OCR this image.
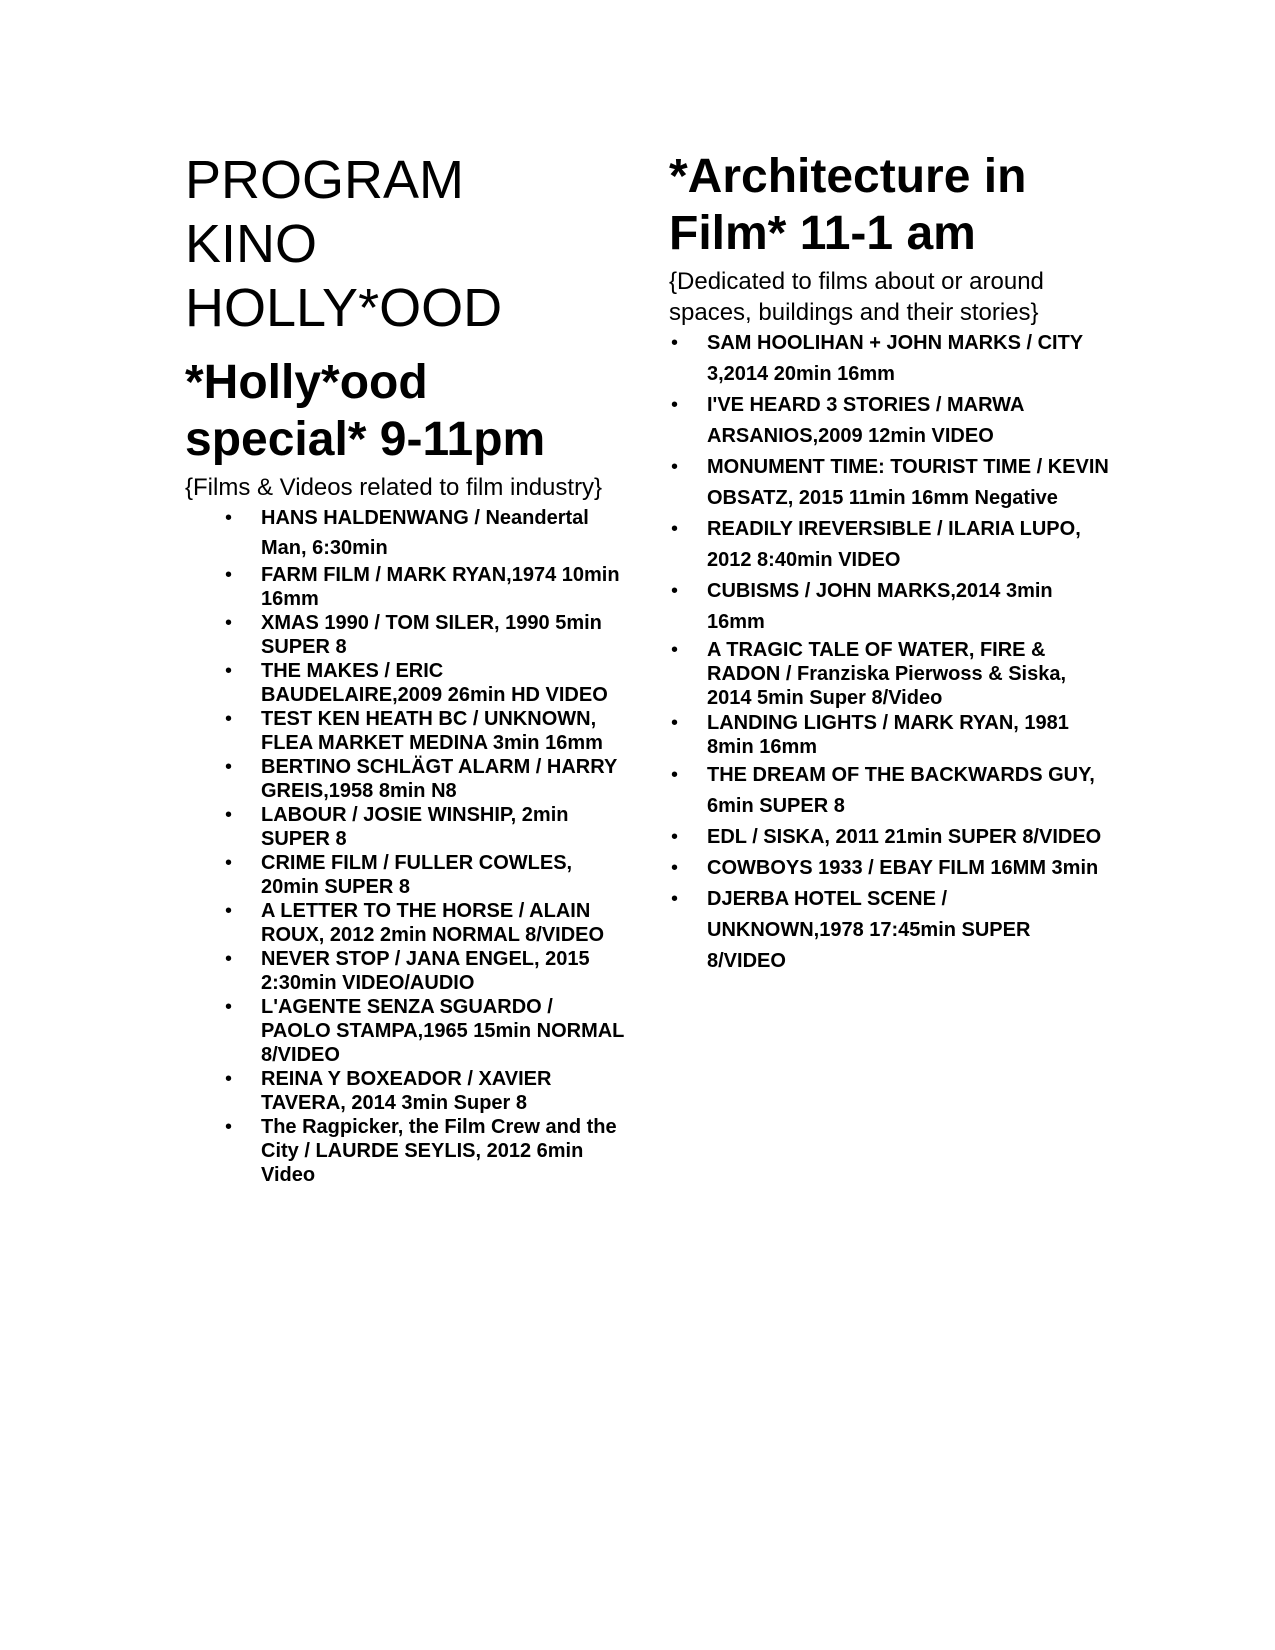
PROGRAM
KINO
HOLLY*OOD
*Holly*ood
special* 9-11pm

{Films & Videos related to film industry}

• HANS HALDENWANG / Neandertal Man, 6:30min
• FARM FILM / MARK RYAN,1974 10min 16mm
• XMAS 1990 / TOM SILER, 1990 5min SUPER 8
• THE MAKES / ERIC BAUDELAIRE,2009 26min HD VIDEO
• TEST KEN HEATH BC / UNKNOWN, FLEA MARKET MEDINA 3min 16mm
• BERTINO SCHLÄGT ALARM / HARRY GREIS,1958 8min N8
• LABOUR / JOSIE WINSHIP, 2min SUPER 8
• CRIME FILM / FULLER COWLES, 20min SUPER 8
• A LETTER TO THE HORSE / ALAIN ROUX, 2012 2min NORMAL 8/VIDEO
• NEVER STOP / JANA ENGEL, 2015 2:30min VIDEO/AUDIO
• L'AGENTE SENZA SGUARDO / PAOLO STAMPA,1965 15min NORMAL 8/VIDEO
• REINA Y BOXEADOR / XAVIER TAVERA, 2014 3min Super 8
• The Ragpicker, the Film Crew and the City / LAURDE SEYLIS, 2012 6min Video
*Architecture in
Film* 11-1 am

{Dedicated to films about or around spaces, buildings and their stories}

• SAM HOOLIHAN + JOHN MARKS / CITY 3,2014 20min 16mm
• I'VE HEARD 3 STORIES / MARWA ARSANIOS,2009 12min VIDEO
• MONUMENT TIME: TOURIST TIME / KEVIN OBSATZ, 2015 11min 16mm Negative
• READILY IREVERSIBLE / ILARIA LUPO, 2012 8:40min VIDEO
• CUBISMS / JOHN MARKS,2014 3min 16mm
• A TRAGIC TALE OF WATER, FIRE & RADON / Franziska Pierwoss & Siska, 2014 5min Super 8/Video
• LANDING LIGHTS / MARK RYAN, 1981 8min 16mm
• THE DREAM OF THE BACKWARDS GUY, 6min SUPER 8
• EDL / SISKA, 2011 21min SUPER 8/VIDEO
• COWBOYS 1933 / EBAY FILM 16MM 3min
• DJERBA HOTEL SCENE / UNKNOWN,1978 17:45min SUPER 8/VIDEO
